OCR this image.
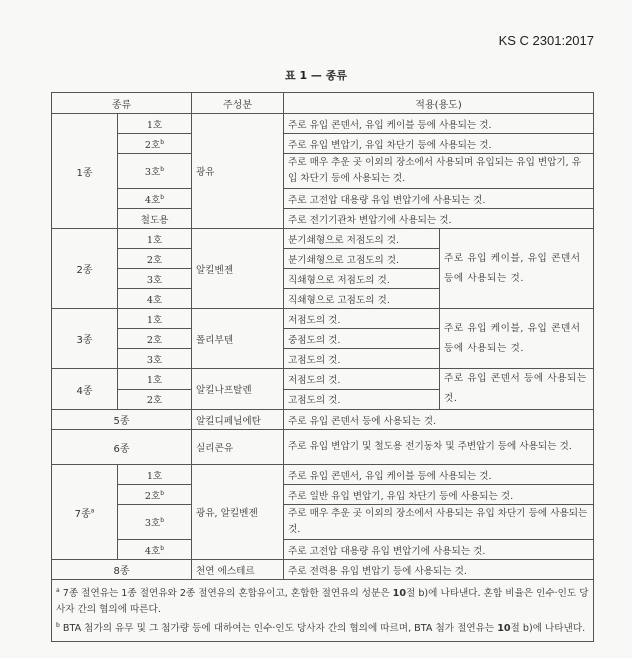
KS C 2301:2017
표 1 — 종류
종류		주성분	적용(용도)	
1종	1호	광유	주로 유입 콘덴서, 유입 케이블 등에 사용되는 것.	
	2호$^b$		주로 유입 변압기, 유입 차단기 등에 사용되는 것.	
	3호$^b$		주로 매우 추운 곳 이외의 장소에서 사용되며 유입되는 유입 변압기, 유입 차단기 등에 사용되는 것.	
	4호$^b$		주로 고전압 대용량 유입 변압기에 사용되는 것.	
	철도용		주로 전기기관차 변압기에 사용되는 것.	
2종	1호	알킬벤젠	분기쇄형으로 저점도의 것.	주로 유입 케이블, 유입 콘덴서 등에 사용되는 것.
	2호		분기쇄형으로 고점도의 것.	
	3호		직쇄형으로 저점도의 것.	
	4호		직쇄형으로 고점도의 것.	
3종	1호	폴리부텐	저점도의 것.	주로 유입 케이블, 유입 콘덴서 등에 사용되는 것.
	2호		중점도의 것.	
	3호		고점도의 것.	
4종	1호	알킬나프탈렌	저점도의 것.	주로 유입 콘덴서 등에 사용되는 것.
	2호		고점도의 것.	
5종		알킬디페닐에탄	주로 유입 콘덴서 등에 사용되는 것.	
6종		실리콘유	주로 유입 변압기 및 철도용 전기동차 및 주변압기 등에 사용되는 것.	
7종$^a$	1호	광유, 알킬벤젠	주로 유입 콘덴서, 유입 케이블 등에 사용되는 것.	
	2호$^b$		주로 일반 유입 변압기, 유입 차단기 등에 사용되는 것.	
	3호$^b$		주로 매우 추운 곳 이외의 장소에서 사용되는 유입 차단기 등에 사용되는 것.	
	4호$^b$		주로 고전압 대용량 유입 변압기에 사용되는 것.	
8종		천연 에스테르	주로 전력용 유입 변압기 등에 사용되는 것.	

$^a$ 7종 절연유는 1종 절연유와 2종 절연유의 혼합유이고, 혼합한 절연유의 성분은 10절 b)에 나타낸다. 혼합 비율은 인수·인도 당사자 간의 협의에 따른다.
$^b$ BTA 첨가의 유무 및 그 첨가량 등에 대하여는 인수·인도 당사자 간의 협의에 따르며, BTA 첨가 절연유는 10절 b)에 나타낸다.				
